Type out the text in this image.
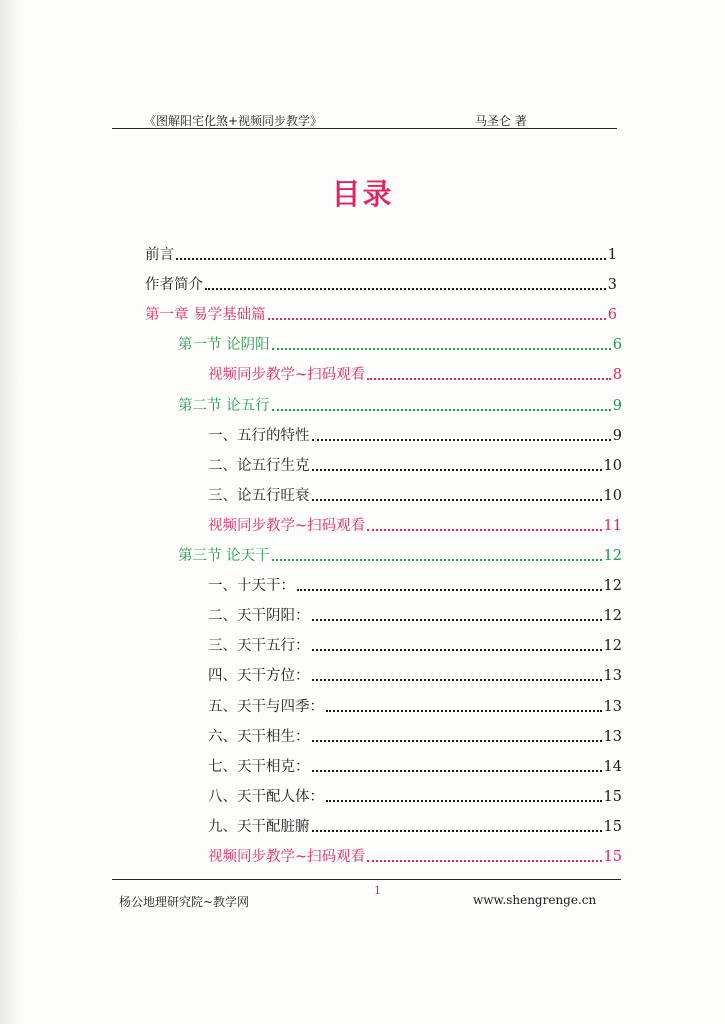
《图解阳宅化煞+视频同步教学》	马圣仑 著
目录
前言	1
作者简介	3
第一章 易学基础篇	6
第一节 论阴阳	6
视频同步教学~扫码观看	8
第二节 论五行	9
一、五行的特性	9
二、论五行生克	10
三、论五行旺衰	10
视频同步教学~扫码观看	11
第三节 论天干	12
一、十天干：	12
二、天干阴阳：	12
三、天干五行：	12
四、天干方位：	13
五、天干与四季：	13
六、天干相生：	13
七、天干相克：	14
八、天干配人体：	15
九、天干配脏腑	15
视频同步教学~扫码观看	15
杨公地理研究院~教学网
1
www.shengrenge.cn
